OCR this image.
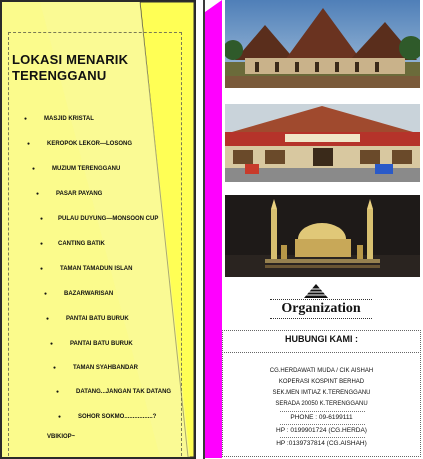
LOKASI MENARIK
TERENGGANU
●	MASJID KRISTAL
●	KEROPOK LEKOR—LOSONG
●	MUZIUM TERENGGANU
●	PASAR PAYANG
● PULAU DUYUNG—MONSOON CUP
● CANTING BATIK
●	TAMAN TAMADUN ISLAN
●	BAZARWARISAN
●	PANTAI BATU BURUK
●	PANTAI BATU BURUK
●	TAMAN SYAHBANDAR
●	DATANG...JANGAN TAK DATANG
●	SOHOR SOKMO.................?
VBIKIOP~
Organization
HUBUNGI KAMI :
CG.HERDAWATI MUDA / CIK AISHAH
KOPERASI KOSPINT BERHAD
SEK.MEN IMTIAZ K.TERENGGANU
SERADA 20050 K.TERENGGANU
PHONE : 09-6199111
HP : 0199901724 (CG.HERDA)
HP :0139737814 (CG.AISHAH)
